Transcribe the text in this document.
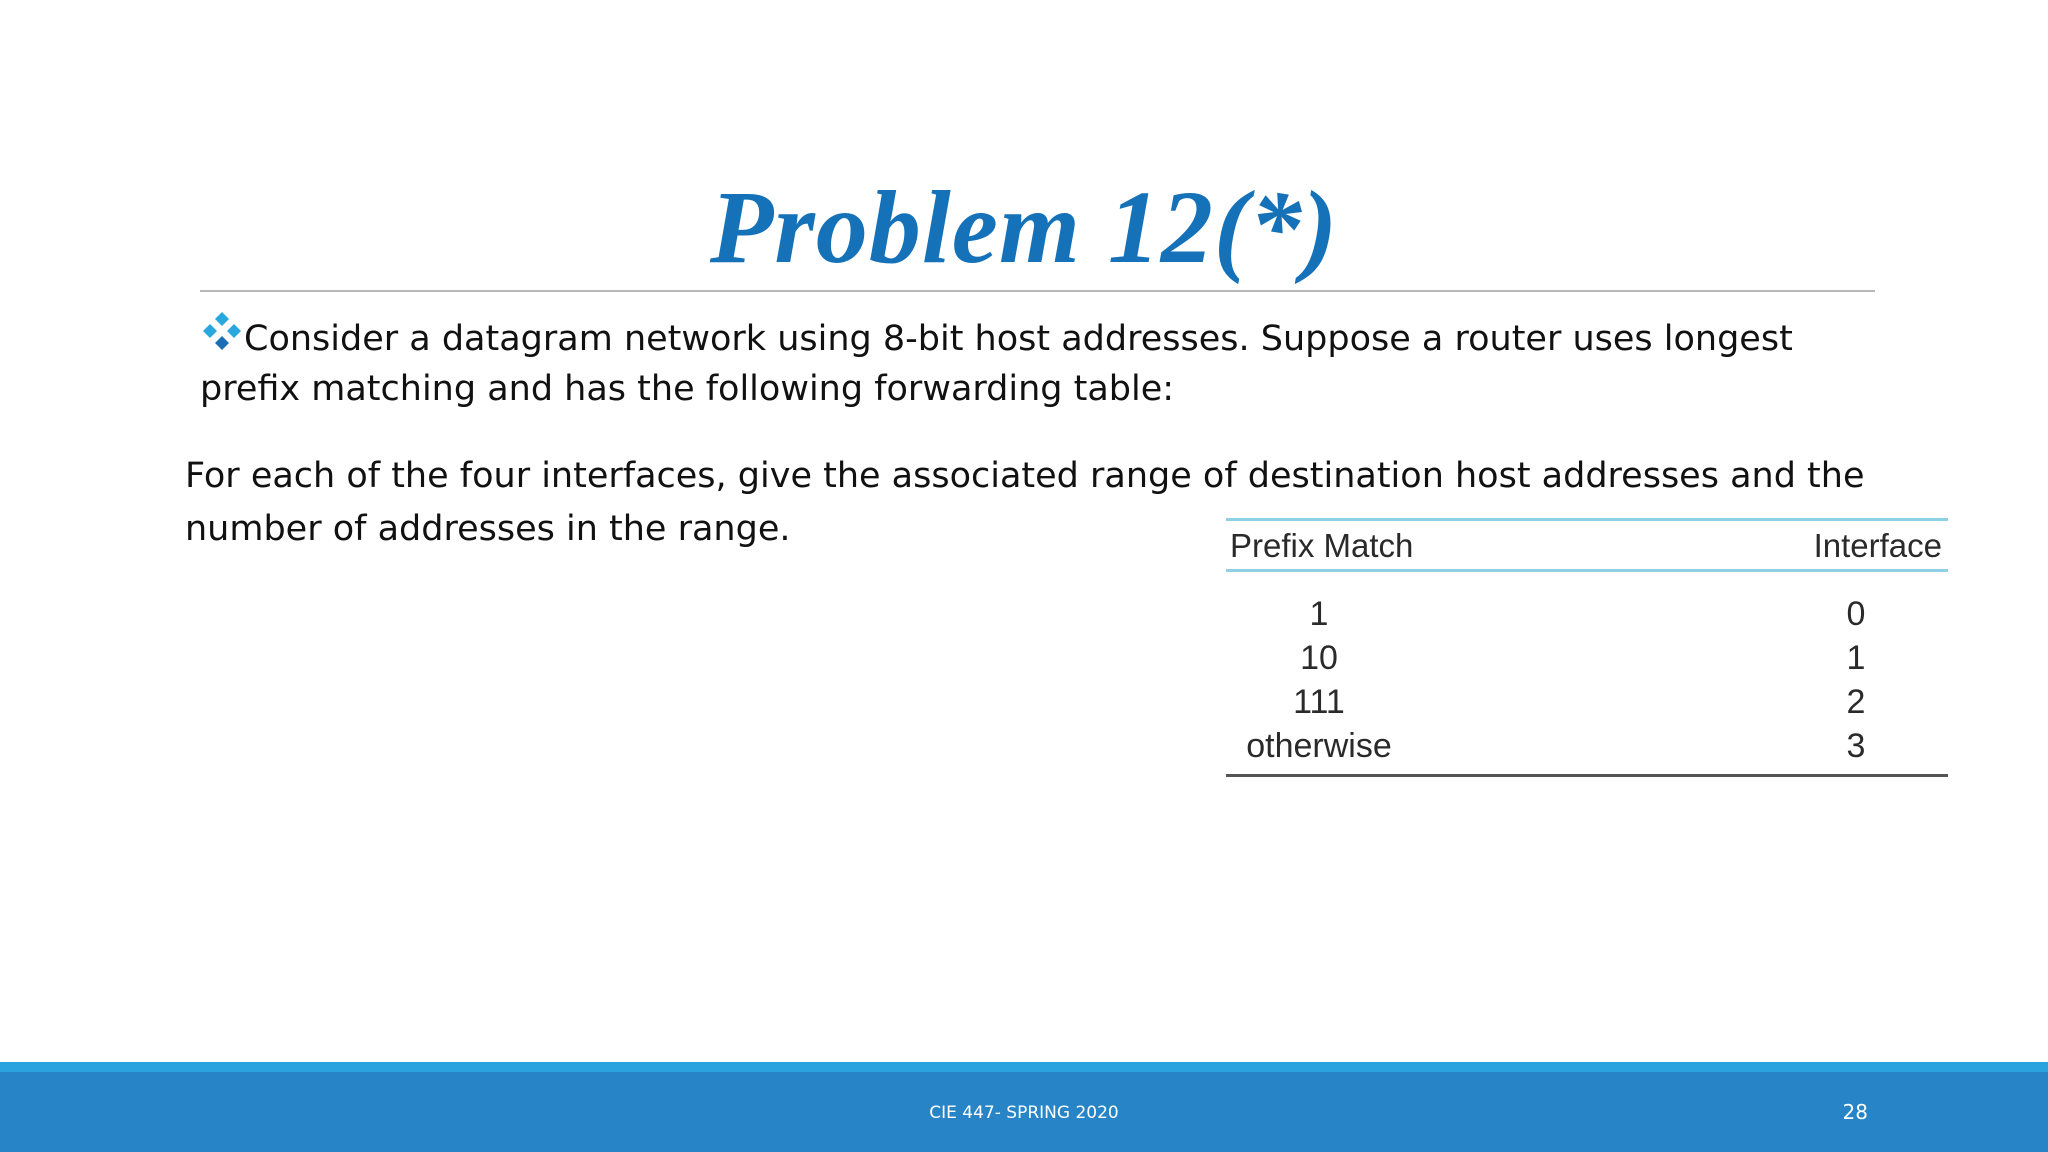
Problem 12(*)
Consider a datagram network using 8-bit host addresses. Suppose a router uses longest prefix matching and has the following forwarding table:
For each of the four interfaces, give the associated range of destination host addresses and the number of addresses in the range.	Prefix Match	Interface
1	0
10	1
111	2
otherwise	3
CIE 447- SPRING 2020	28
